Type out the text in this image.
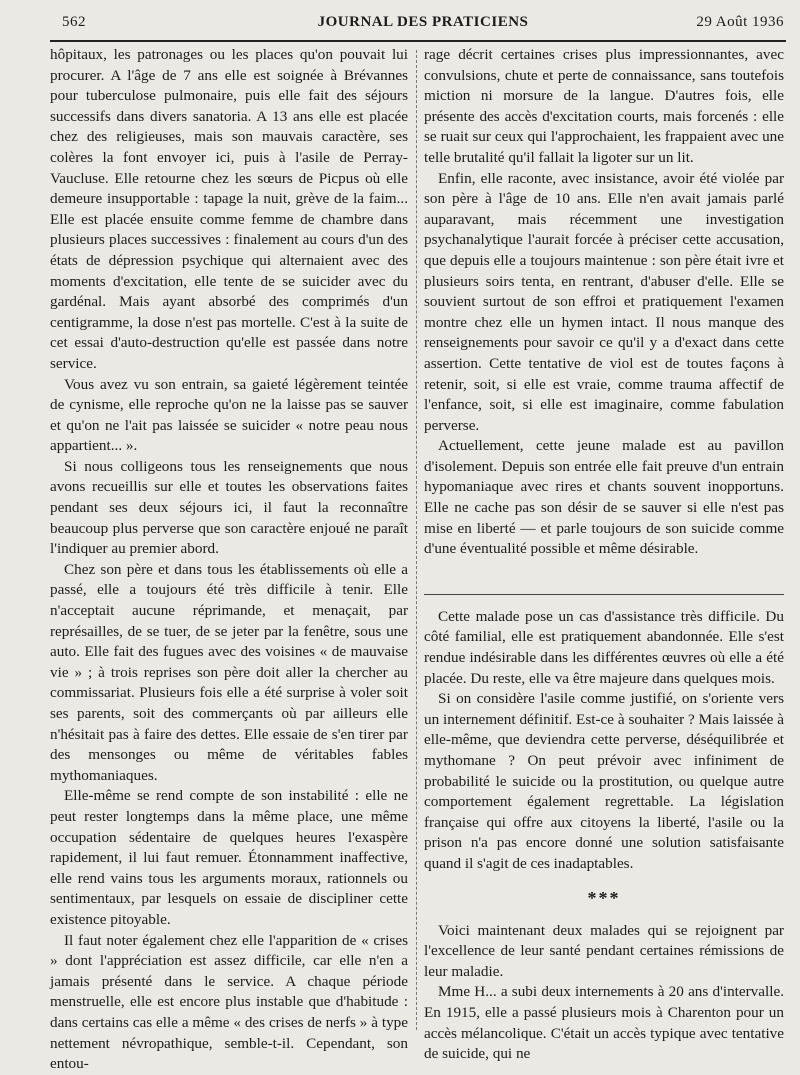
562	JOURNAL DES PRATICIENS	29 Août 1936

hôpitaux, les patronages ou les places qu'on pouvait lui procurer. A l'âge de 7 ans elle est soignée à Brévannes pour tuberculose pulmonaire, puis elle fait des séjours successifs dans divers sanatoria. A 13 ans elle est placée chez des religieuses, mais son mauvais caractère, ses colères la font envoyer ici, puis à l'asile de Perray-Vaucluse. Elle retourne chez les sœurs de Picpus où elle demeure insupportable : tapage la nuit, grève de la faim... Elle est placée ensuite comme femme de chambre dans plusieurs places successives : finalement au cours d'un des états de dépression psychique qui alternaient avec des moments d'excitation, elle tente de se suicider avec du gardénal. Mais ayant absorbé des comprimés d'un centigramme, la dose n'est pas mortelle. C'est à la suite de cet essai d'auto-destruction qu'elle est passée dans notre service.

Vous avez vu son entrain, sa gaieté légèrement teintée de cynisme, elle reproche qu'on ne la laisse pas se sauver et qu'on ne l'ait pas laissée se suicider « notre peau nous appartient... ».

Si nous colligeons tous les renseignements que nous avons recueillis sur elle et toutes les observations faites pendant ses deux séjours ici, il faut la reconnaître beaucoup plus perverse que son caractère enjoué ne paraît l'indiquer au premier abord.

Chez son père et dans tous les établissements où elle a passé, elle a toujours été très difficile à tenir. Elle n'acceptait aucune réprimande, et menaçait, par représailles, de se tuer, de se jeter par la fenêtre, sous une auto. Elle fait des fugues avec des voisines « de mauvaise vie » ; à trois reprises son père doit aller la chercher au commissariat. Plusieurs fois elle a été surprise à voler soit ses parents, soit des commerçants où par ailleurs elle n'hésitait pas à faire des dettes. Elle essaie de s'en tirer par des mensonges ou même de véritables fables mythomaniaques.

Elle-même se rend compte de son instabilité : elle ne peut rester longtemps dans la même place, une même occupation sédentaire de quelques heures l'exaspère rapidement, il lui faut remuer. Étonnamment inaffective, elle rend vains tous les arguments moraux, rationnels ou sentimentaux, par lesquels on essaie de discipliner cette existence pitoyable.

Il faut noter également chez elle l'apparition de « crises » dont l'appréciation est assez difficile, car elle n'en a jamais présenté dans le service. A chaque période menstruelle, elle est encore plus instable que d'habitude : dans certains cas elle a même « des crises de nerfs » à type nettement névropathique, semble-t-il. Cependant, son entou-

rage décrit certaines crises plus impressionnantes, avec convulsions, chute et perte de connaissance, sans toutefois miction ni morsure de la langue. D'autres fois, elle présente des accès d'excitation courts, mais forcenés : elle se ruait sur ceux qui l'approchaient, les frappaient avec une telle brutalité qu'il fallait la ligoter sur un lit.

Enfin, elle raconte, avec insistance, avoir été violée par son père à l'âge de 10 ans. Elle n'en avait jamais parlé auparavant, mais récemment une investigation psychanalytique l'aurait forcée à préciser cette accusation, que depuis elle a toujours maintenue : son père était ivre et plusieurs soirs tenta, en rentrant, d'abuser d'elle. Elle se souvient surtout de son effroi et pratiquement l'examen montre chez elle un hymen intact. Il nous manque des renseignements pour savoir ce qu'il y a d'exact dans cette assertion. Cette tentative de viol est de toutes façons à retenir, soit, si elle est vraie, comme trauma affectif de l'enfance, soit, si elle est imaginaire, comme fabulation perverse.

Actuellement, cette jeune malade est au pavillon d'isolement. Depuis son entrée elle fait preuve d'un entrain hypomaniaque avec rires et chants souvent inopportuns. Elle ne cache pas son désir de se sauver si elle n'est pas mise en liberté — et parle toujours de son suicide comme d'une éventualité possible et même désirable.

Cette malade pose un cas d'assistance très difficile. Du côté familial, elle est pratiquement abandonnée. Elle s'est rendue indésirable dans les différentes œuvres où elle a été placée. Du reste, elle va être majeure dans quelques mois.

Si on considère l'asile comme justifié, on s'oriente vers un internement définitif. Est-ce à souhaiter ? Mais laissée à elle-même, que deviendra cette perverse, déséquilibrée et mythomane ? On peut prévoir avec infiniment de probabilité le suicide ou la prostitution, ou quelque autre comportement également regrettable. La législation française qui offre aux citoyens la liberté, l'asile ou la prison n'a pas encore donné une solution satisfaisante quand il s'agit de ces inadaptables.

***

Voici maintenant deux malades qui se rejoignent par l'excellence de leur santé pendant certaines rémissions de leur maladie.

Mme H... a subi deux internements à 20 ans d'intervalle. En 1915, elle a passé plusieurs mois à Charenton pour un accès mélancolique. C'était un accès typique avec tentative de suicide, qui ne
